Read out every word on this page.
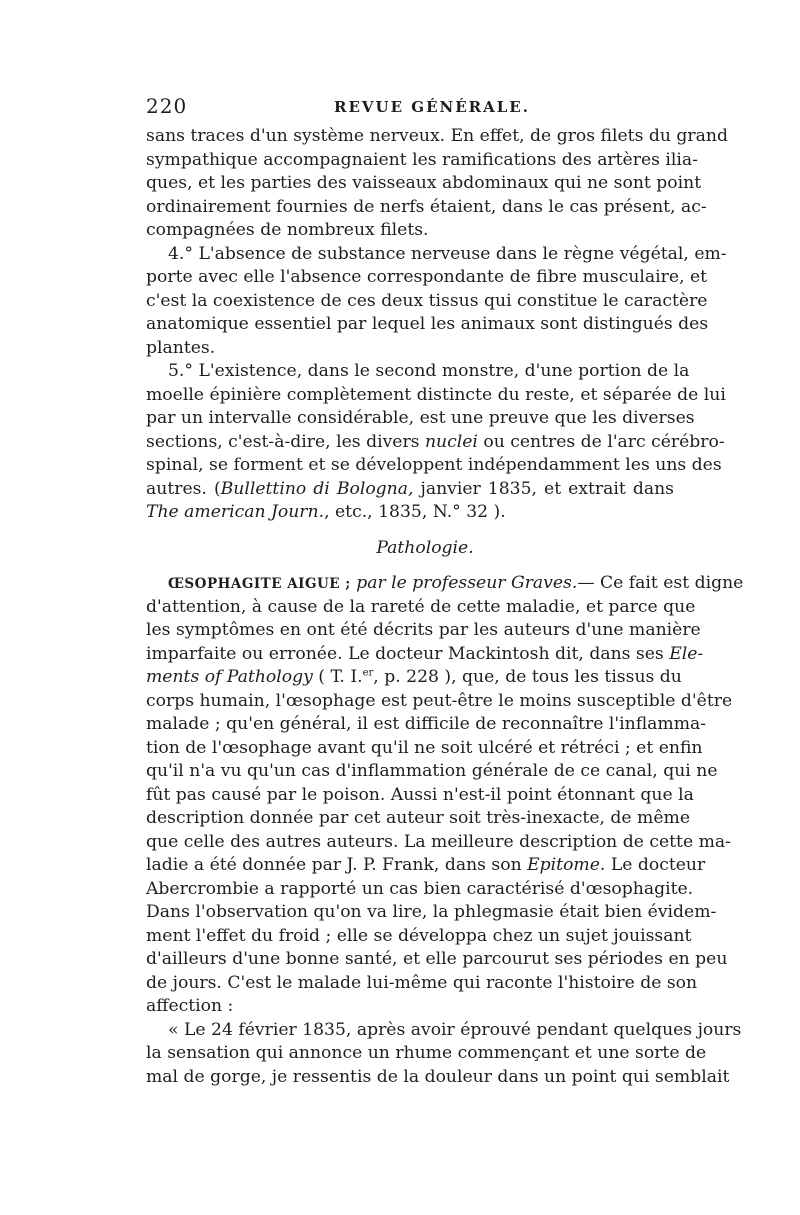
220	REVUE GÉNÉRALE.
sans traces d'un système nerveux. En effet, de gros filets du grand
sympathique accompagnaient les ramifications des artères ilia-
ques, et les parties des vaisseaux abdominaux qui ne sont point
ordinairement fournies de nerfs étaient, dans le cas présent, ac-
compagnées de nombreux filets.
4.° L'absence de substance nerveuse dans le règne végétal, em-
porte avec elle l'absence correspondante de fibre musculaire, et
c'est la coexistence de ces deux tissus qui constitue le caractère
anatomique essentiel par lequel les animaux sont distingués des
plantes.
5.° L'existence, dans le second monstre, d'une portion de la
moelle épinière complètement distincte du reste, et séparée de lui
par un intervalle considérable, est une preuve que les diverses
sections, c'est-à-dire, les divers nuclei ou centres de l'arc cérébro-
spinal, se forment et se développent indépendamment les uns des
autres. (Bullettino di Bologna, janvier 1835, et extrait dans
The american Journ., etc., 1835, N.° 32 ).
Pathologie.
ŒSOPHAGITE AIGUE ; par le professeur Graves.— Ce fait est digne
d'attention, à cause de la rareté de cette maladie, et parce que
les symptômes en ont été décrits par les auteurs d'une manière
imparfaite ou erronée. Le docteur Mackintosh dit, dans ses Ele-
ments of Pathology ( T. I.$^{er}$, p. 228 ), que, de tous les tissus du
corps humain, l'œsophage est peut-être le moins susceptible d'être
malade ; qu'en général, il est difficile de reconnaître l'inflamma-
tion de l'œsophage avant qu'il ne soit ulcéré et rétréci ; et enfin
qu'il n'a vu qu'un cas d'inflammation générale de ce canal, qui ne
fût pas causé par le poison. Aussi n'est-il point étonnant que la
description donnée par cet auteur soit très-inexacte, de même
que celle des autres auteurs. La meilleure description de cette ma-
ladie a été donnée par J. P. Frank, dans son Epitome. Le docteur
Abercrombie a rapporté un cas bien caractérisé d'œsophagite.
Dans l'observation qu'on va lire, la phlegmasie était bien évidem-
ment l'effet du froid ; elle se développa chez un sujet jouissant
d'ailleurs d'une bonne santé, et elle parcourut ses périodes en peu
de jours. C'est le malade lui-même qui raconte l'histoire de son
affection :
« Le 24 février 1835, après avoir éprouvé pendant quelques jours
la sensation qui annonce un rhume commençant et une sorte de
mal de gorge, je ressentis de la douleur dans un point qui semblait
